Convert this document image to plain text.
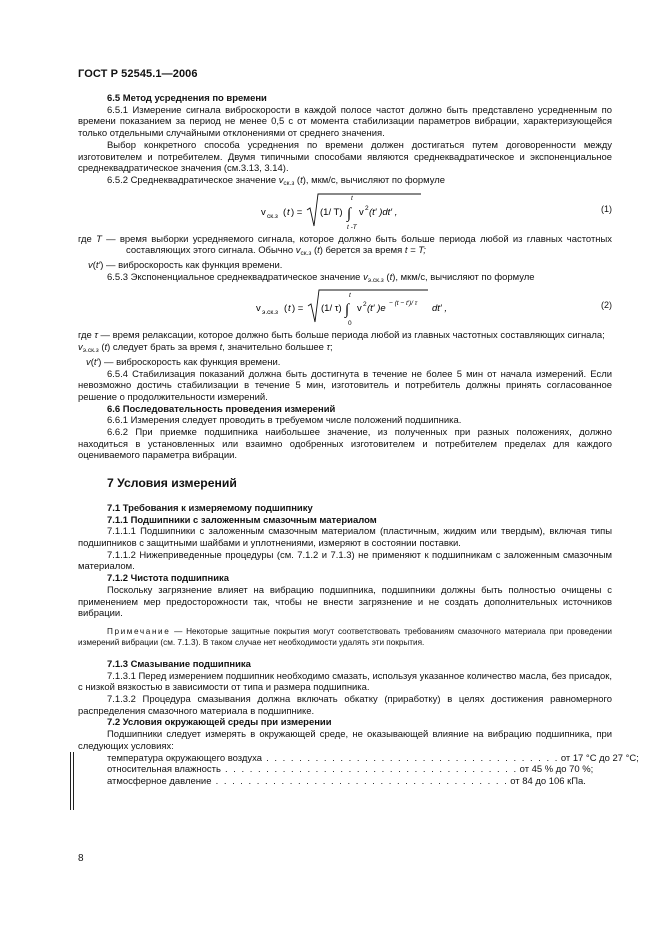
ГОСТ Р 52545.1—2006

6.5 Метод усреднения по времени

6.5.1 Измерение сигнала виброскорости в каждой полосе частот должно быть представлено усредненным по времени показанием за период не менее 0,5 с от момента стабилизации параметров вибрации, характеризующейся только отдельными случайными отклонениями от среднего значения.

Выбор конкретного способа усреднения по времени должен достигаться путем договоренности между изготовителем и потребителем. Двумя типичными способами являются среднеквадратическое и экспоненциальное среднеквадратическое значения (см.3.13, 3.14).

6.5.2 Среднеквадратическое значение $v_{ск.з}$ (t), мкм/с, вычисляют по формуле

v ск.з ( t ) = (1/ T)
t
∫
t -T
v 2 (t′ )dt′ ,	(1)

где T — время выборки усредняемого сигнала, которое должно быть больше периода любой из главных частотных составляющих этого сигнала. Обычно $v_{ск.з}$ (t) берется за время t = T;

v(t′) — виброскорость как функция времени.

6.5.3 Экспоненциальное среднеквадратическое значение $v_{э.ск.з}$ (t), мкм/с, вычисляют по формуле

v э.ск.з ( t ) = (1/ τ)
t
∫
0
v 2 (t′ )e − (t − t′)/ τ dt′ ,	(2)

где τ — время релаксации, которое должно быть больше периода любой из главных частотных составляющих сигнала;

$v_{э.ск.з}$ (t) следует брать за время t, значительно большее τ;

v(t′) — виброскорость как функция времени.

6.5.4 Стабилизация показаний должна быть достигнута в течение не более 5 мин от начала измерений. Если невозможно достичь стабилизации в течение 5 мин, изготовитель и потребитель должны принять согласованное решение о продолжительности измерений.

6.6 Последовательность проведения измерений

6.6.1 Измерения следует проводить в требуемом числе положений подшипника.

6.6.2 При приемке подшипника наибольшее значение, из полученных при разных положениях, должно находиться в установленных или взаимно одобренных изготовителем и потребителем пределах для каждого оцениваемого параметра вибрации.

7 Условия измерений

7.1 Требования к измеряемому подшипнику

7.1.1 Подшипники с заложенным смазочным материалом

7.1.1.1 Подшипники с заложенным смазочным материалом (пластичным, жидким или твердым), включая типы подшипников с защитными шайбами и уплотнениями, измеряют в состоянии поставки.

7.1.1.2 Нижеприведенные процедуры (см. 7.1.2 и 7.1.3) не применяют к подшипникам с заложенным смазочным материалом.

7.1.2 Чистота подшипника

Поскольку загрязнение влияет на вибрацию подшипника, подшипники должны быть полностью очищены с применением мер предосторожности так, чтобы не внести загрязнение и не создать дополнительных источников вибрации.

Примечание — Некоторые защитные покрытия могут соответствовать требованиям смазочного материала при проведении измерений вибрации (см. 7.1.3). В таком случае нет необходимости удалять эти покрытия.

7.1.3 Смазывание подшипника

7.1.3.1 Перед измерением подшипник необходимо смазать, используя указанное количество масла, без присадок, с низкой вязкостью в зависимости от типа и размера подшипника.

7.1.3.2 Процедура смазывания должна включать обкатку (приработку) в целях достижения равномерного распределения смазочного материала в подшипнике.

7.2 Условия окружающей среды при измерении

Подшипники следует измерять в окружающей среде, не оказывающей влияние на вибрацию подшипника, при следующих условиях:

температура окружающего воздуха . . . . . . . . . . . . . . . . . . . . . . . . . . . . . . . . . . . . от 17 °C до 27 °C;
относительная влажность . . . . . . . . . . . . . . . . . . . . . . . . . . . . . . . . . . . . от 45 % до 70 %;
атмосферное давление . . . . . . . . . . . . . . . . . . . . . . . . . . . . . . . . . . . . от 84 до 106 кПа.
8
